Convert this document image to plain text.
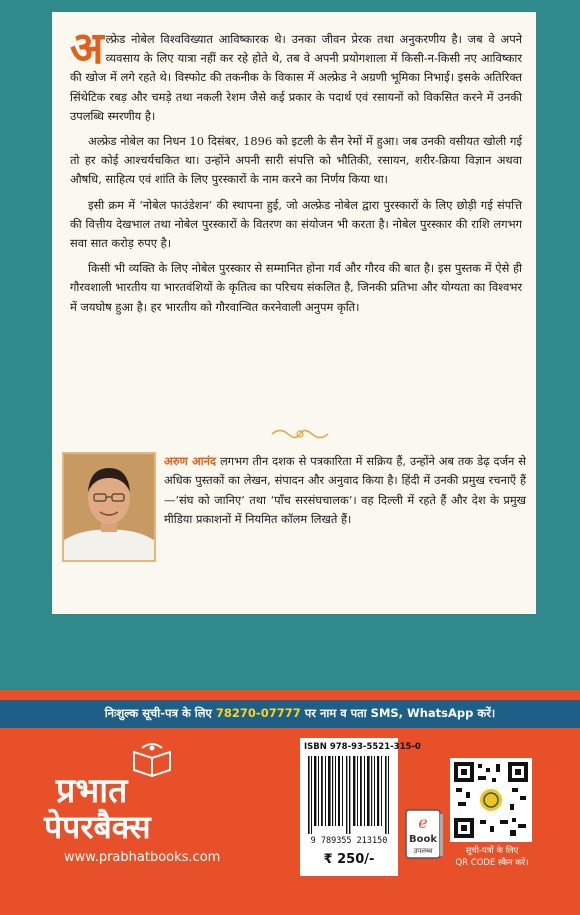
अल्फ्रेड नोबेल विश्वविख्यात आविष्कारक थे। उनका जीवन प्रेरक तथा अनुकरणीय है। जब वे अपने व्यवसाय के लिए यात्रा नहीं कर रहे होते थे, तब वे अपनी प्रयोगशाला में किसी-न-किसी नए आविष्कार की खोज में लगे रहते थे। विस्फोट की तकनीक के विकास में अल्फ्रेड ने अग्रणी भूमिका निभाई। इसके अतिरिक्त सिंथेटिक रबड़ और चमड़े तथा नकली रेशम जैसे कई प्रकार के पदार्थ एवं रसायनों को विकसित करने में उनकी उपलब्धि स्मरणीय है।

अल्फ्रेड नोबेल का निधन 10 दिसंबर, 1896 को इटली के सैन रेमों में हुआ। जब उनकी वसीयत खोली गई तो हर कोई आश्चर्यचकित था। उन्होंने अपनी सारी संपत्ति को भौतिकी, रसायन, शरीर-क्रिया विज्ञान अथवा औषधि, साहित्य एवं शांति के लिए पुरस्कारों के नाम करने का निर्णय किया था।

इसी क्रम में ‘नोबेल फाउंडेशन’ की स्थापना हुई, जो अल्फ्रेड नोबेल द्वारा पुरस्कारों के लिए छोड़ी गई संपत्ति की वित्तीय देखभाल तथा नोबेल पुरस्कारों के वितरण का संयोजन भी करता है। नोबेल पुरस्कार की राशि लगभग सवा सात करोड़ रुपए है।

किसी भी व्यक्ति के लिए नोबेल पुरस्कार से सम्मानित होना गर्व और गौरव की बात है। इस पुस्तक में ऐसे ही गौरवशाली भारतीय या भारतवंशियों के कृतित्व का परिचय संकलित है, जिनकी प्रतिभा और योग्यता का विश्वभर में जयघोष हुआ है। हर भारतीय को गौरवान्वित करनेवाली अनुपम कृति।

अरुण आनंद लगभग तीन दशक से पत्रकारिता में सक्रिय हैं, उन्होंने अब तक डेढ़ दर्जन से अधिक पुस्तकों का लेखन, संपादन और अनुवाद किया है। हिंदी में उनकी प्रमुख रचनाएँ हैं—‘संघ को जानिए’ तथा ‘पाँच सरसंघचालक’। वह दिल्ली में रहते हैं और देश के प्रमुख मीडिया प्रकाशनों में नियमित कॉलम लिखते हैं।
निःशुल्क सूची-पत्र के लिए 78270-07777 पर नाम व पता SMS, WhatsApp करें।
प्रभात
पेपरबैक्स
www.prabhatbooks.com
ISBN 978-93-5521-315-0
9 789355 213150
₹ 250/-
e
Book
उपलब्ध	सूची-पत्रों के लिए
QR CODE स्कैन करें।
